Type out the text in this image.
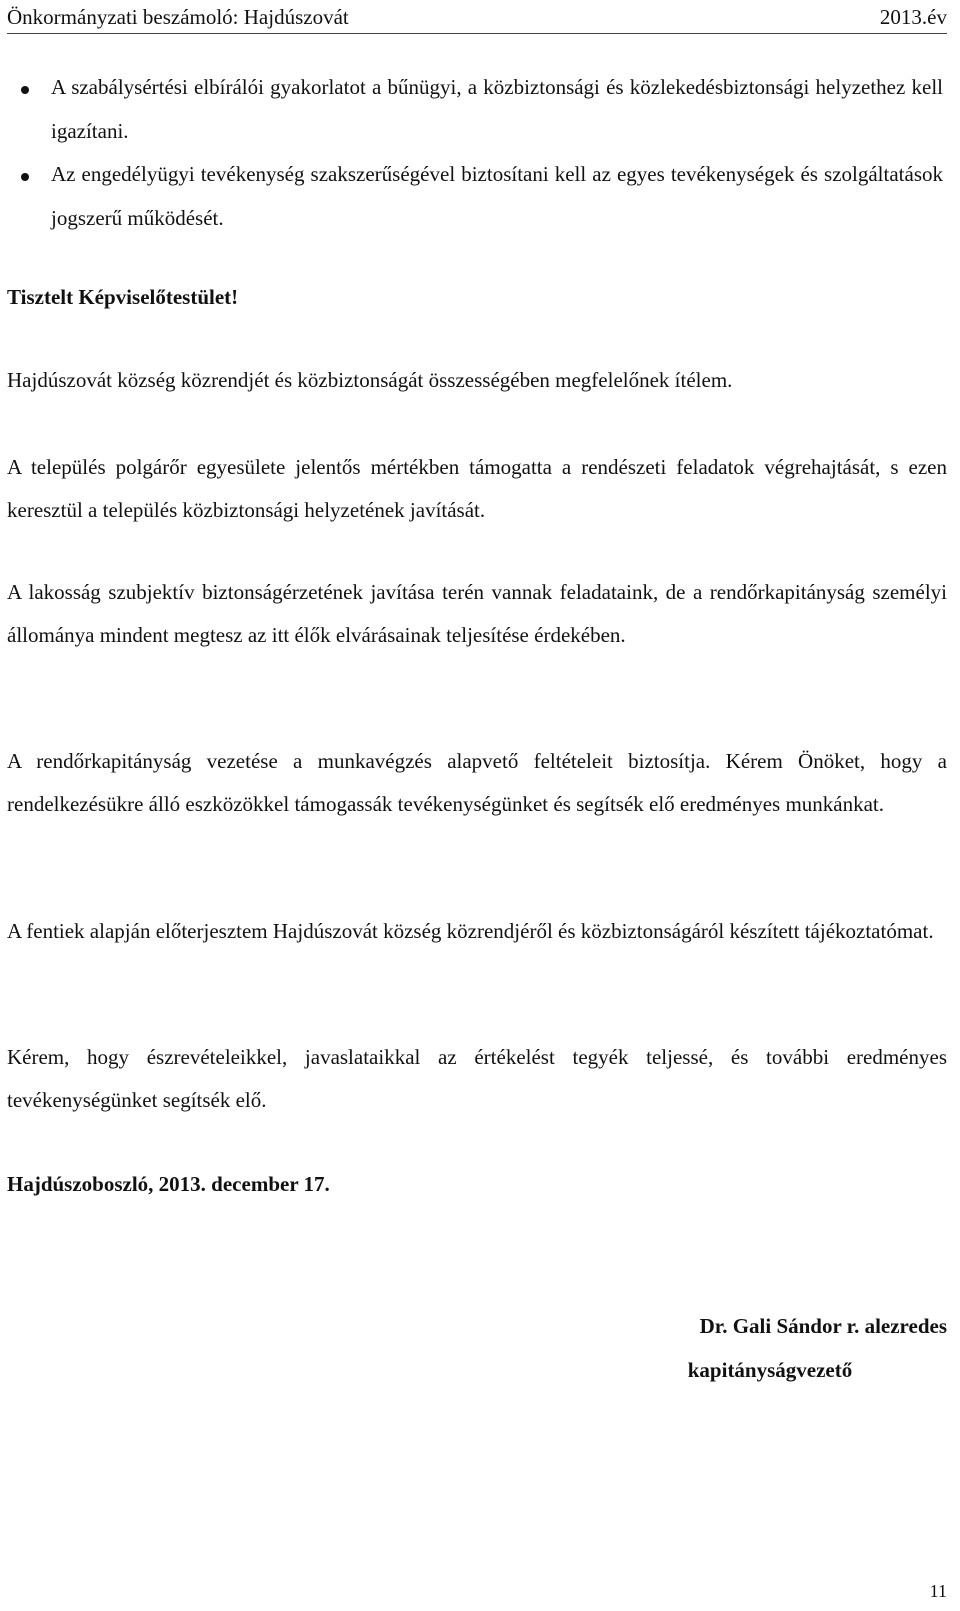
Önkormányzati beszámoló: Hajdúszovát	2013.év
A szabálysértési elbírálói gyakorlatot a bűnügyi, a közbiztonsági és közlekedésbiztonsági helyzethez kell igazítani.
Az engedélyügyi tevékenység szakszerűségével biztosítani kell az egyes tevékenységek és szolgáltatások jogszerű működését.

Tisztelt Képviselőtestület!

Hajdúszovát község közrendjét és közbiztonságát összességében megfelelőnek ítélem.

A település polgárőr egyesülete jelentős mértékben támogatta a rendészeti feladatok végrehajtását, s ezen keresztül a település közbiztonsági helyzetének javítását.

A lakosság szubjektív biztonságérzetének javítása terén vannak feladataink, de a rendőrkapitányság személyi állománya mindent megtesz az itt élők elvárásainak teljesítése érdekében.

A rendőrkapitányság vezetése a munkavégzés alapvető feltételeit biztosítja. Kérem Önöket, hogy a rendelkezésükre álló eszközökkel támogassák tevékenységünket és segítsék elő eredményes munkánkat.

A fentiek alapján előterjesztem Hajdúszovát község közrendjéről és közbiztonságáról készített tájékoztatómat.

Kérem, hogy észrevételeikkel, javaslataikkal az értékelést tegyék teljessé, és további eredményes tevékenységünket segítsék elő.

Hajdúszoboszló, 2013. december 17.

Dr. Gali Sándor r. alezredes

kapitányságvezető

11
